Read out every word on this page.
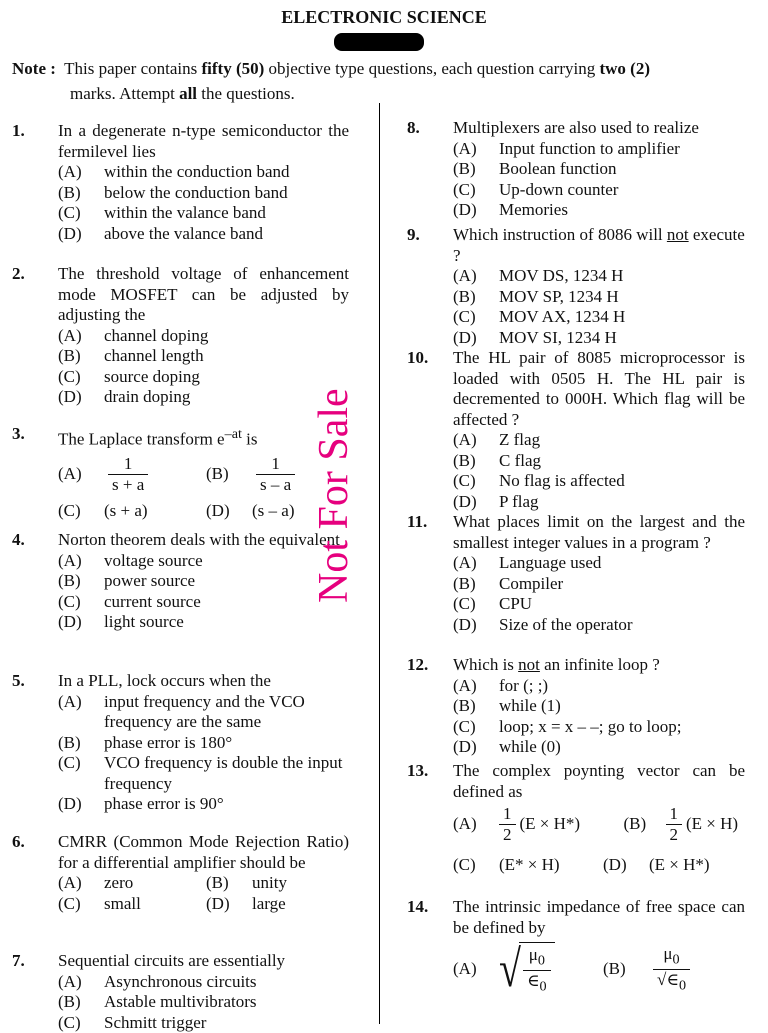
ELECTRONIC SCIENCE
Note : This paper contains fifty (50) objective type questions, each question carrying two (2)
marks. Attempt all the questions.
1. In a degenerate n-type semiconductor the fermilevel lies
(A)	within the conduction band
(B)	below the conduction band
(C)	within the valance band
(D)	above the valance band
2. The threshold voltage of enhancement mode MOSFET can be adjusted by adjusting the
(A)	channel doping
(B)	channel length
(C)	source doping
(D)	drain doping
3. The Laplace transform $e^{-at}$ is
(A)	$\frac{1}{s + a}$	(B)	$\frac{1}{s - a}$
(C)	(s + a)	(D)	(s – a)
4. Norton theorem deals with the equivalent
(A)	voltage source
(B)	power source
(C)	current source
(D)	light source
5. In a PLL, lock occurs when the
(A)	input frequency and the VCO frequency are the same
(B)	phase error is 180°
(C)	VCO frequency is double the input frequency
(D)	phase error is 90°
6. CMRR (Common Mode Rejection Ratio) for a differential amplifier should be
(A)	zero	(B)	unity
(C)	small	(D)	large
7. Sequential circuits are essentially
(A)	Asynchronous circuits
(B)	Astable multivibrators
(C)	Schmitt trigger
Not For Sale
8. Multiplexers are also used to realize
(A)	Input function to amplifier
(B)	Boolean function
(C)	Up-down counter
(D)	Memories
9. Which instruction of 8086 will not execute ?
(A)	MOV DS, 1234 H
(B)	MOV SP, 1234 H
(C)	MOV AX, 1234 H
(D)	MOV SI, 1234 H
10. The HL pair of 8085 microprocessor is loaded with 0505 H. The HL pair is decremented to 000H. Which flag will be affected ?
(A)	Z flag
(B)	C flag
(C)	No flag is affected
(D)	P flag
11. What places limit on the largest and the smallest integer values in a program ?
(A)	Language used
(B)	Compiler
(C)	CPU
(D)	Size of the operator
12. Which is not an infinite loop ?
(A)	for (; ;)
(B)	while (1)
(C)	loop; x = x – –; go to loop;
(D)	while (0)
13. The complex poynting vector can be defined as
(A)	$\frac{1}{2} (E \times H*)$	(B)	$\frac{1}{2} (E \times H)$
(C)	(E* × H)	(D)	(E × H*)
14. The intrinsic impedance of free space can be defined by
(A) √ $\frac{\mu_0}{\in_0}$	(B)	$\frac{\mu_0}{√\in_0}$
